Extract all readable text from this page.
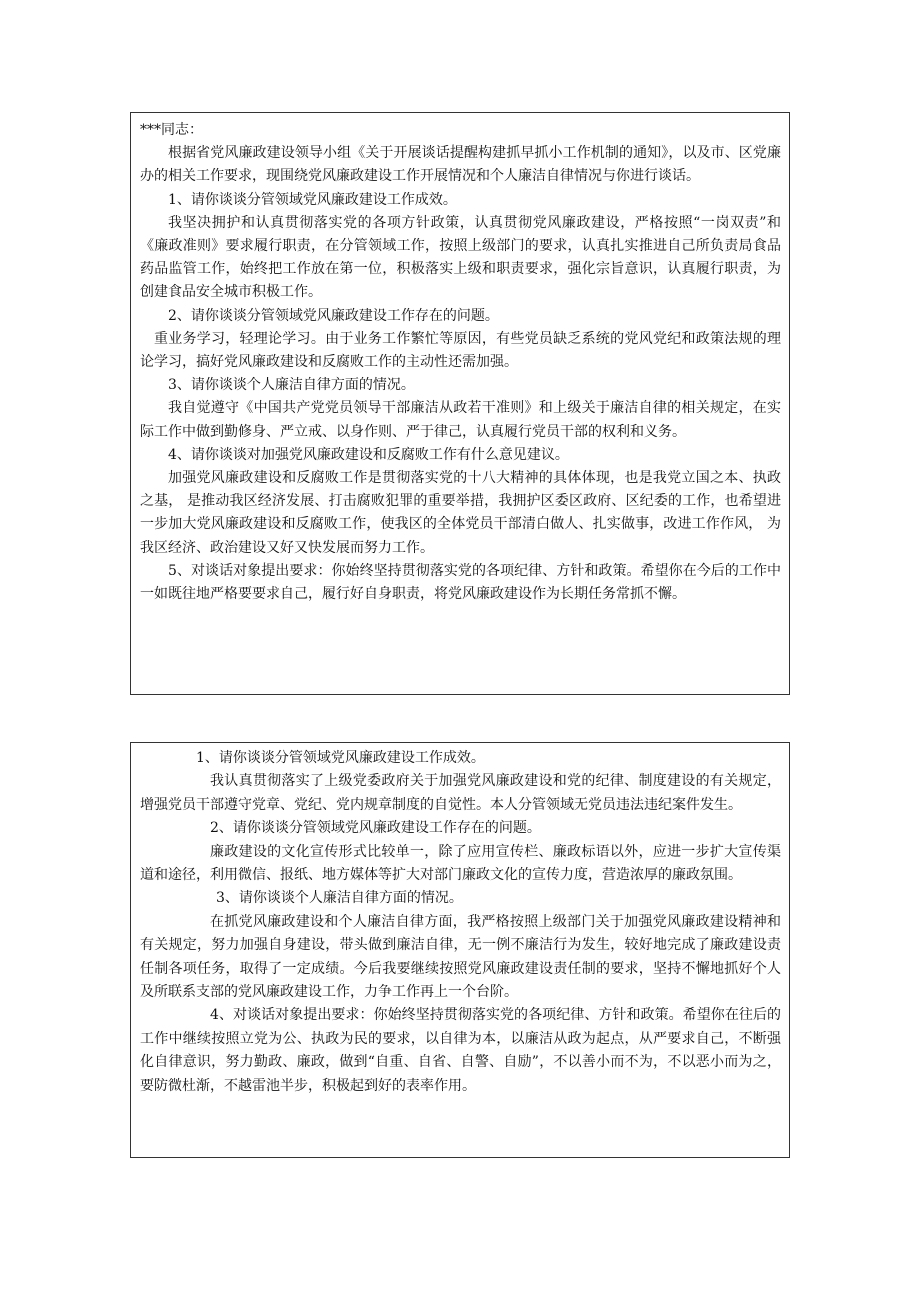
***同志：

根据省党风廉政建设领导小组《关于开展谈话提醒构建抓早抓小工作机制的通知》，以及市、区党廉办的相关工作要求，现围绕党风廉政建设工作开展情况和个人廉洁自律情况与你进行谈话。

1、请你谈谈分管领域党风廉政建设工作成效。

我坚决拥护和认真贯彻落实党的各项方针政策，认真贯彻党风廉政建设，严格按照“一岗双责”和《廉政准则》要求履行职责，在分管领域工作，按照上级部门的要求，认真扎实推进自己所负责局食品药品监管工作，始终把工作放在第一位，积极落实上级和职责要求，强化宗旨意识，认真履行职责，为创建食品安全城市积极工作。

2、请你谈谈分管领域党风廉政建设工作存在的问题。

重业务学习，轻理论学习。由于业务工作繁忙等原因，有些党员缺乏系统的党风党纪和政策法规的理论学习，搞好党风廉政建设和反腐败工作的主动性还需加强。

3、请你谈谈个人廉洁自律方面的情况。

我自觉遵守《中国共产党党员领导干部廉洁从政若干准则》和上级关于廉洁自律的相关规定，在实际工作中做到勤修身、严立戒、以身作则、严于律己，认真履行党员干部的权利和义务。

4、请你谈谈对加强党风廉政建设和反腐败工作有什么意见建议。

加强党风廉政建设和反腐败工作是贯彻落实党的十八大精神的具体体现，也是我党立国之本、执政之基， 是推动我区经济发展、打击腐败犯罪的重要举措，我拥护区委区政府、区纪委的工作，也希望进一步加大党风廉政建设和反腐败工作，使我区的全体党员干部清白做人、扎实做事，改进工作作风， 为我区经济、政治建设又好又快发展而努力工作。

5、对谈话对象提出要求：你始终坚持贯彻落实党的各项纪律、方针和政策。希望你在今后的工作中一如既往地严格要要求自己，履行好自身职责，将党风廉政建设作为长期任务常抓不懈。

1、请你谈谈分管领域党风廉政建设工作成效。

我认真贯彻落实了上级党委政府关于加强党风廉政建设和党的纪律、制度建设的有关规定，增强党员干部遵守党章、党纪、党内规章制度的自觉性。本人分管领域无党员违法违纪案件发生。

2、请你谈谈分管领域党风廉政建设工作存在的问题。

廉政建设的文化宣传形式比较单一，除了应用宣传栏、廉政标语以外，应进一步扩大宣传渠道和途径，利用微信、报纸、地方媒体等扩大对部门廉政文化的宣传力度，营造浓厚的廉政氛围。

3、请你谈谈个人廉洁自律方面的情况。

在抓党风廉政建设和个人廉洁自律方面，我严格按照上级部门关于加强党风廉政建设精神和有关规定，努力加强自身建设，带头做到廉洁自律，无一例不廉洁行为发生，较好地完成了廉政建设责任制各项任务，取得了一定成绩。今后我要继续按照党风廉政建设责任制的要求，坚持不懈地抓好个人及所联系支部的党风廉政建设工作，力争工作再上一个台阶。

4、对谈话对象提出要求：你始终坚持贯彻落实党的各项纪律、方针和政策。希望你在往后的工作中继续按照立党为公、执政为民的要求，以自律为本，以廉洁从政为起点，从严要求自己，不断强化自律意识，努力勤政、廉政，做到“自重、自省、自警、自励”，不以善小而不为，不以恶小而为之，要防微杜渐，不越雷池半步，积极起到好的表率作用。
